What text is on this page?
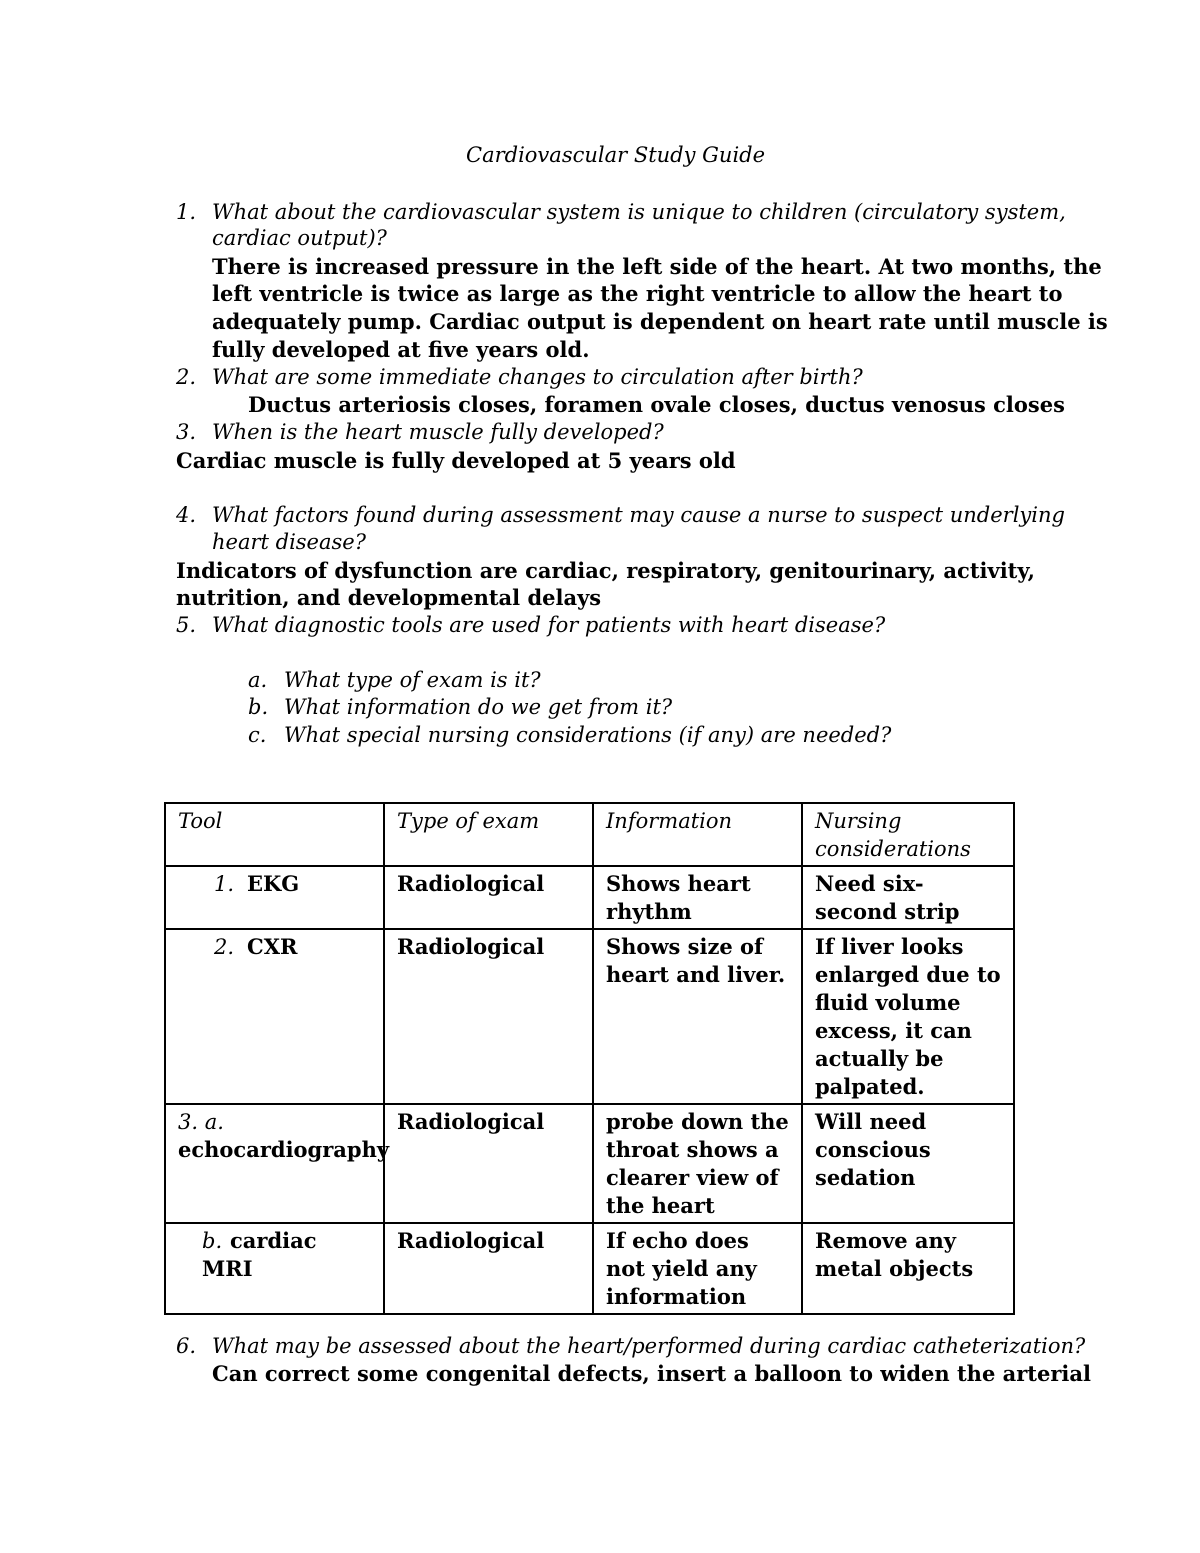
Cardiovascular Study Guide
1. What about the cardiovascular system is unique to children (circulatory system,
cardiac output)?
There is increased pressure in the left side of the heart. At two months, the
left ventricle is twice as large as the right ventricle to allow the heart to
adequately pump. Cardiac output is dependent on heart rate until muscle is
fully developed at five years old.
2. What are some immediate changes to circulation after birth?
Ductus arteriosis closes, foramen ovale closes, ductus venosus closes
3. When is the heart muscle fully developed?
Cardiac muscle is fully developed at 5 years old
4. What factors found during assessment may cause a nurse to suspect underlying
heart disease?
Indicators of dysfunction are cardiac, respiratory, genitourinary, activity,
nutrition, and developmental delays
5. What diagnostic tools are used for patients with heart disease?
a. What type of exam is it?
b. What information do we get from it?
c. What special nursing considerations (if any) are needed?
Tool	Type of exam	Information	Nursing considerations
1. EKG	Radiological	Shows heart rhythm	Need six-second strip
2. CXR	Radiological	Shows size of heart and liver.	If liver looks enlarged due to fluid volume excess, it can actually be palpated.
3. a.
echocardiography	Radiological	probe down the throat shows a clearer view of the heart	Will need conscious sedation
b. cardiac MRI	Radiological	If echo does not yield any information	Remove any metal objects
6. What may be assessed about the heart/performed during cardiac catheterization?
Can correct some congenital defects, insert a balloon to widen the arterial
